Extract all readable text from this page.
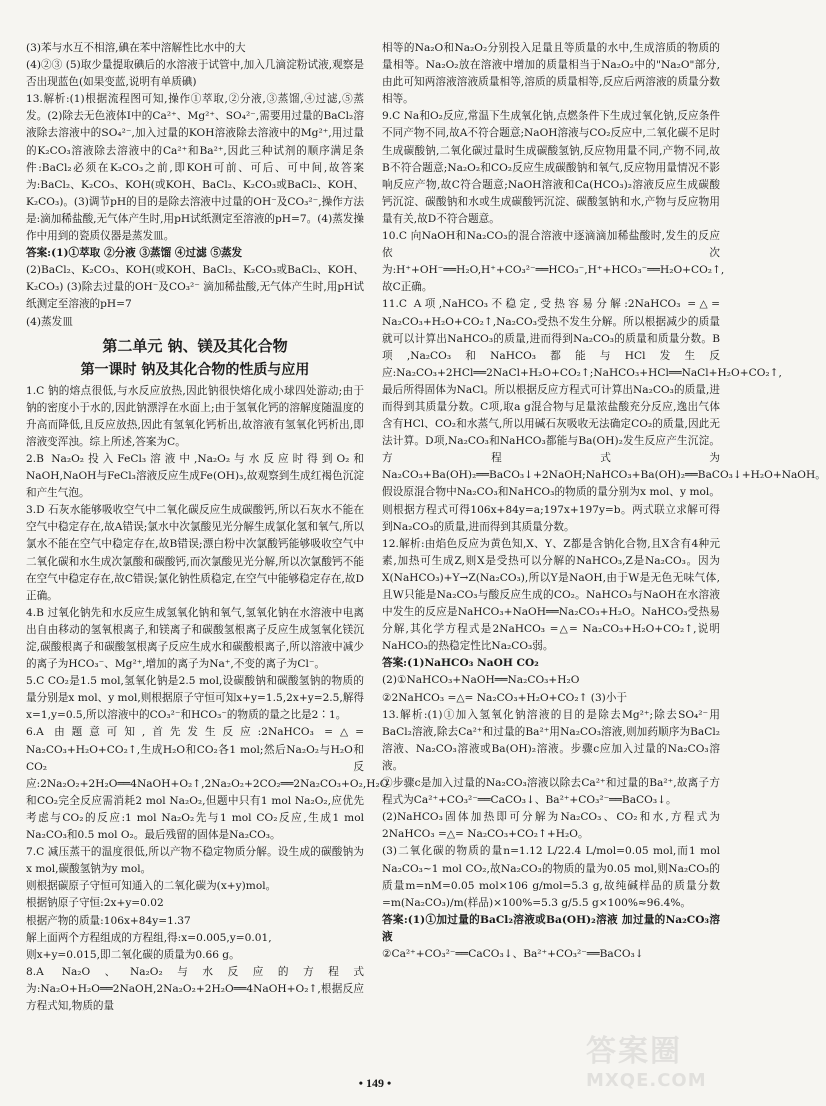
(3)苯与水互不相溶,碘在苯中溶解性比水中的大

(4)②③ (5)取少量提取碘后的水溶液于试管中,加入几滴淀粉试液,观察是否出现蓝色(如果变蓝,说明有单质碘)

13.解析:(1)根据流程图可知,操作①萃取,②分液,③蒸馏,④过滤,⑤蒸发。(2)除去无色液体Ⅰ中的Ca²⁺、Mg²⁺、SO₄²⁻,需要用过量的BaCl₂溶液除去溶液中的SO₄²⁻,加入过量的KOH溶液除去溶液中的Mg²⁺,用过量的K₂CO₃溶液除去溶液中的Ca²⁺和Ba²⁺,因此三种试剂的顺序满足条件:BaCl₂必须在K₂CO₃之前,即KOH可前、可后、可中间,故答案为:BaCl₂、K₂CO₃、KOH(或KOH、BaCl₂、K₂CO₃或BaCl₂、KOH、K₂CO₃)。(3)调节pH的目的是除去溶液中过量的OH⁻及CO₃²⁻,操作方法是:滴加稀盐酸,无气体产生时,用pH试纸测定至溶液的pH=7。(4)蒸发操作中用到的瓷质仪器是蒸发皿。

答案:(1)①萃取 ②分液 ③蒸馏 ④过滤 ⑤蒸发

(2)BaCl₂、K₂CO₃、KOH(或KOH、BaCl₂、K₂CO₃或BaCl₂、KOH、K₂CO₃) (3)除去过量的OH⁻及CO₃²⁻ 滴加稀盐酸,无气体产生时,用pH试纸测定至溶液的pH=7

(4)蒸发皿

第二单元 钠、镁及其化合物
第一课时 钠及其化合物的性质与应用

1.C 钠的熔点很低,与水反应放热,因此钠很快熔化成小球四处游动;由于钠的密度小于水的,因此钠漂浮在水面上;由于氢氧化钙的溶解度随温度的升高而降低,且反应放热,因此有氢氧化钙析出,故溶液有氢氧化钙析出,即溶液变浑浊。综上所述,答案为C。

2.B Na₂O₂投入FeCl₃溶液中,Na₂O₂与水反应时得到O₂和NaOH,NaOH与FeCl₃溶液反应生成Fe(OH)₃,故观察到生成红褐色沉淀和产生气泡。

3.D 石灰水能够吸收空气中二氧化碳反应生成碳酸钙,所以石灰水不能在空气中稳定存在,故A错误;氯水中次氯酸见光分解生成氯化氢和氧气,所以氯水不能在空气中稳定存在,故B错误;漂白粉中次氯酸钙能够吸收空气中二氧化碳和水生成次氯酸和碳酸钙,而次氯酸见光分解,所以次氯酸钙不能在空气中稳定存在,故C错误;氯化钠性质稳定,在空气中能够稳定存在,故D正确。

4.B 过氧化钠先和水反应生成氢氧化钠和氧气,氢氧化钠在水溶液中电离出自由移动的氢氧根离子,和镁离子和碳酸氢根离子反应生成氢氧化镁沉淀,碳酸根离子和碳酸氢根离子反应生成水和碳酸根离子,所以溶液中减少的离子为HCO₃⁻、Mg²⁺,增加的离子为Na⁺,不变的离子为Cl⁻。

5.C CO₂是1.5 mol,氢氧化钠是2.5 mol,设碳酸钠和碳酸氢钠的物质的量分别是x mol、y mol,则根据原子守恒可知x+y=1.5,2x+y=2.5,解得x=1,y=0.5,所以溶液中的CO₃²⁻和HCO₃⁻的物质的量之比是2∶1。

6.A 由题意可知,首先发生反应:2NaHCO₃ =△= Na₂CO₃+H₂O+CO₂↑,生成H₂O和CO₂各1 mol;然后Na₂O₂与H₂O和CO₂反应:2Na₂O₂+2H₂O══4NaOH+O₂↑,2Na₂O₂+2CO₂══2Na₂CO₃+O₂,H₂O和CO₂完全反应需消耗2 mol Na₂O₂,但题中只有1 mol Na₂O₂,应优先考虑与CO₂的反应:1 mol Na₂O₂先与1 mol CO₂反应,生成1 mol Na₂CO₃和0.5 mol O₂。最后残留的固体是Na₂CO₃。

7.C 减压蒸干的温度很低,所以产物不稳定物质分解。设生成的碳酸钠为x mol,碳酸氢钠为y mol。

则根据碳原子守恒可知通入的二氧化碳为(x+y)mol。

根据钠原子守恒:2x+y=0.02

根据产物的质量:106x+84y=1.37

解上面两个方程组成的方程组,得:x=0.005,y=0.01,

则x+y=0.015,即二氧化碳的质量为0.66 g。

8.A Na₂O、Na₂O₂与水反应的方程式为:Na₂O+H₂O══2NaOH,2Na₂O₂+2H₂O══4NaOH+O₂↑,根据反应方程式知,物质的量

相等的Na₂O和Na₂O₂分别投入足量且等质量的水中,生成溶质的物质的量相等。Na₂O₂放在溶液中增加的质量相当于Na₂O₂中的"Na₂O"部分,由此可知两溶液溶液质量相等,溶质的质量相等,反应后两溶液的质量分数相等。

9.C Na和O₂反应,常温下生成氧化钠,点燃条件下生成过氧化钠,反应条件不同产物不同,故A不符合题意;NaOH溶液与CO₂反应中,二氧化碳不足时生成碳酸钠,二氧化碳过量时生成碳酸氢钠,反应物用量不同,产物不同,故B不符合题意;Na₂O₂和CO₂反应生成碳酸钠和氧气,反应物用量情况不影响反应产物,故C符合题意;NaOH溶液和Ca(HCO₃)₂溶液反应生成碳酸钙沉淀、碳酸钠和水或生成碳酸钙沉淀、碳酸氢钠和水,产物与反应物用量有关,故D不符合题意。

10.C 向NaOH和Na₂CO₃的混合溶液中逐滴滴加稀盐酸时,发生的反应依次为:H⁺+OH⁻══H₂O,H⁺+CO₃²⁻══HCO₃⁻,H⁺+HCO₃⁻══H₂O+CO₂↑,故C正确。

11.C A项,NaHCO₃不稳定,受热容易分解:2NaHCO₃ =△= Na₂CO₃+H₂O+CO₂↑,Na₂CO₃受热不发生分解。所以根据减少的质量就可以计算出NaHCO₃的质量,进而得到Na₂CO₃的质量和质量分数。B项,Na₂CO₃和NaHCO₃都能与HCl发生反应:Na₂CO₃+2HCl══2NaCl+H₂O+CO₂↑;NaHCO₃+HCl══NaCl+H₂O+CO₂↑,最后所得固体为NaCl。所以根据反应方程式可计算出Na₂CO₃的质量,进而得到其质量分数。C项,取a g混合物与足量浓盐酸充分反应,逸出气体含有HCl、CO₂和水蒸气,所以用碱石灰吸收无法确定CO₂的质量,因此无法计算。D项,Na₂CO₃和NaHCO₃都能与Ba(OH)₂发生反应产生沉淀。方程式为Na₂CO₃+Ba(OH)₂══BaCO₃↓+2NaOH;NaHCO₃+Ba(OH)₂══BaCO₃↓+H₂O+NaOH。假设原混合物中Na₂CO₃和NaHCO₃的物质的量分别为x mol、y mol。则根据方程式可得106x+84y=a;197x+197y=b。两式联立求解可得到Na₂CO₃的质量,进而得到其质量分数。

12.解析:由焰色反应为黄色知,X、Y、Z都是含钠化合物,且X含有4种元素,加热可生成Z,则X是受热可以分解的NaHCO₃,Z是Na₂CO₃。因为X(NaHCO₃)+Y→Z(Na₂CO₃),所以Y是NaOH,由于W是无色无味气体,且W只能是Na₂CO₃与酸反应生成的CO₂。NaHCO₃与NaOH在水溶液中发生的反应是NaHCO₃+NaOH══Na₂CO₃+H₂O。NaHCO₃受热易分解,其化学方程式是2NaHCO₃ =△= Na₂CO₃+H₂O+CO₂↑,说明NaHCO₃的热稳定性比Na₂CO₃弱。

答案:(1)NaHCO₃ NaOH CO₂

(2)①NaHCO₃+NaOH══Na₂CO₃+H₂O

②2NaHCO₃ =△= Na₂CO₃+H₂O+CO₂↑ (3)小于

13.解析:(1)①加入氢氧化钠溶液的目的是除去Mg²⁺;除去SO₄²⁻用BaCl₂溶液,除去Ca²⁺和过量的Ba²⁺用Na₂CO₃溶液,则加药顺序为BaCl₂溶液、Na₂CO₃溶液或Ba(OH)₂溶液。步骤c应加入过量的Na₂CO₃溶液。

②步骤c是加入过量的Na₂CO₃溶液以除去Ca²⁺和过量的Ba²⁺,故离子方程式为Ca²⁺+CO₃²⁻══CaCO₃↓、Ba²⁺+CO₃²⁻══BaCO₃↓。

(2)NaHCO₃固体加热即可分解为Na₂CO₃、CO₂和水,方程式为2NaHCO₃ =△= Na₂CO₃+CO₂↑+H₂O。

(3)二氧化碳的物质的量n=1.12 L/22.4 L/mol=0.05 mol,而1 mol Na₂CO₃~1 mol CO₂,故Na₂CO₃的物质的量为0.05 mol,则Na₂CO₃的质量m=nM=0.05 mol×106 g/mol=5.3 g,故纯碱样品的质量分数=m(Na₂CO₃)/m(样品)×100%=5.3 g/5.5 g×100%≈96.4%。

答案:(1)①加过量的BaCl₂溶液或Ba(OH)₂溶液 加过量的Na₂CO₃溶液

②Ca²⁺+CO₃²⁻══CaCO₃↓、Ba²⁺+CO₃²⁻══BaCO₃↓

• 149 •
答案圈
MXQE.COM
